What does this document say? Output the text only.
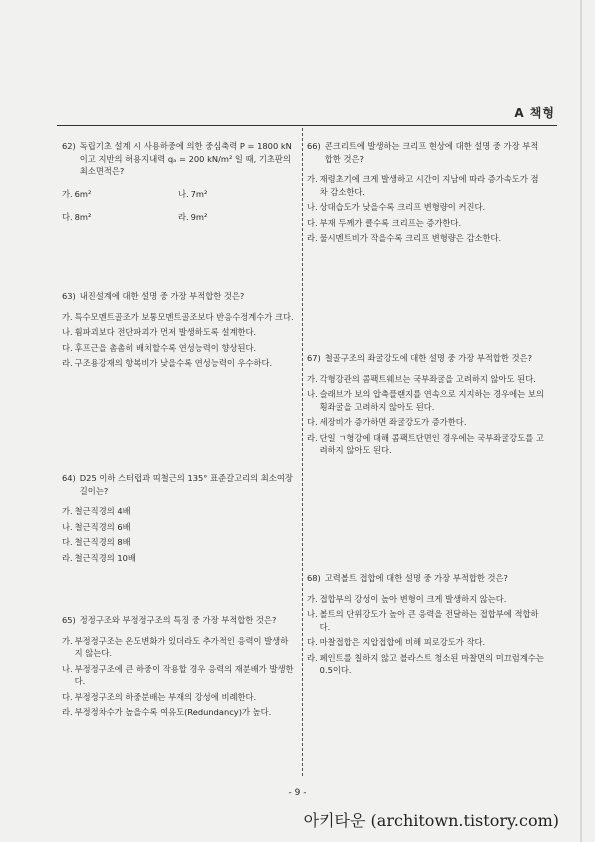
A 책형
62) 독립기초 설계 시 사용하중에 의한 중심축력 P = 1800 kN 이고 지반의 허용지내력 qₐ = 200 kN/m² 일 때, 기초판의 최소면적은?
가. 6m²	나. 7m²
다. 8m²	라. 9m²
63) 내진설계에 대한 설명 중 가장 부적합한 것은?
가. 특수모멘트골조가 보통모멘트골조보다 반응수정계수가 크다.
나. 휨파괴보다 전단파괴가 먼저 발생하도록 설계한다.
다. 후프근을 촘촘히 배치할수록 연성능력이 향상된다.
라. 구조용강재의 항복비가 낮을수록 연성능력이 우수하다.
64) D25 이하 스터럽과 띠철근의 135° 표준갈고리의 최소여장길이는?
가. 철근직경의 4배
나. 철근직경의 6배
다. 철근직경의 8배
라. 철근직경의 10배
65) 정정구조와 부정정구조의 특징 중 가장 부적합한 것은?
가. 부정정구조는 온도변화가 있더라도 추가적인 응력이 발생하지 않는다.
나. 부정정구조에 큰 하중이 작용할 경우 응력의 재분배가 발생한다.
다. 부정정구조의 하중분배는 부재의 강성에 비례한다.
라. 부정정차수가 높을수록 여유도(Redundancy)가 높다.
66) 콘크리트에 발생하는 크리프 현상에 대한 설명 중 가장 부적합한 것은?
가. 재령초기에 크게 발생하고 시간이 지남에 따라 증가속도가 점차 감소한다.
나. 상대습도가 낮을수록 크리프 변형량이 커진다.
다. 부재 두께가 클수록 크리프는 증가한다.
라. 물시멘트비가 작을수록 크리프 변형량은 감소한다.
67) 철골구조의 좌굴강도에 대한 설명 중 가장 부적합한 것은?
가. 각형강관의 콤팩트웨브는 국부좌굴을 고려하지 않아도 된다.
나. 슬래브가 보의 압축플랜지를 연속으로 지지하는 경우에는 보의 횡좌굴을 고려하지 않아도 된다.
다. 세장비가 증가하면 좌굴강도가 증가한다.
라. 단일 ㄱ형강에 대해 콤팩트단면인 경우에는 국부좌굴강도를 고려하지 않아도 된다.
68) 고력볼트 접합에 대한 설명 중 가장 부적합한 것은?
가. 접합부의 강성이 높아 변형이 크게 발생하지 않는다.
나. 볼트의 단위강도가 높아 큰 응력을 전달하는 접합부에 적합하다.
다. 마찰접합은 지압접합에 비해 피로강도가 작다.
라. 페인트를 칠하지 않고 블라스트 청소된 마찰면의 미끄럼계수는 0.5이다.
- 9 -
아키타운 (architown.tistory.com)
